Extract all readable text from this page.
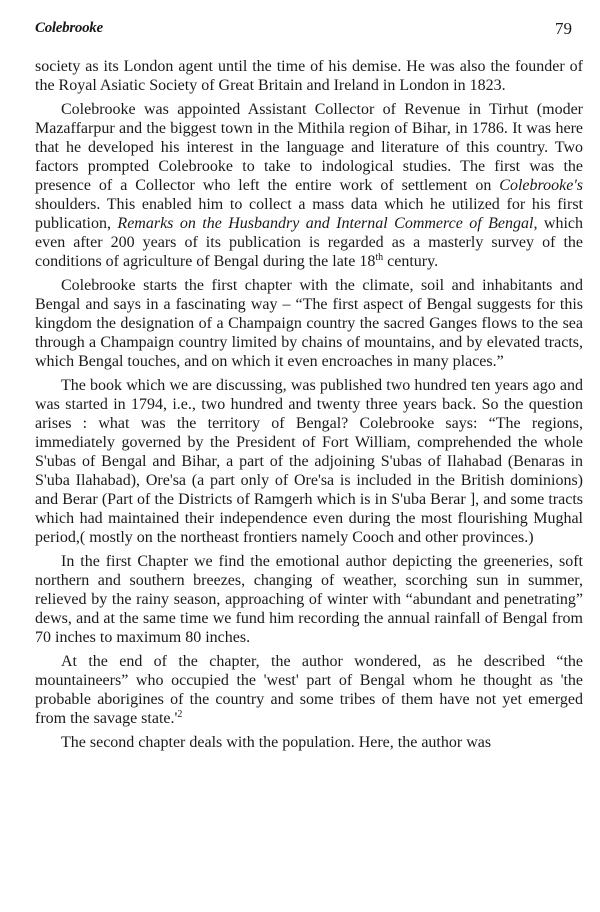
Colebrooke	79

society as its London agent until the time of his demise. He was also the founder of the Royal Asiatic Society of Great Britain and Ireland in London in 1823.

Colebrooke was appointed Assistant Collector of Revenue in Tirhut (moder Mazaffarpur and the biggest town in the Mithila region of Bihar, in 1786. It was here that he developed his interest in the language and literature of this country. Two factors prompted Colebrooke to take to indological studies. The first was the presence of a Collector who left the entire work of settlement on Colebrooke's shoulders. This enabled him to collect a mass data which he utilized for his first publication, Remarks on the Husbandry and Internal Commerce of Bengal, which even after 200 years of its publication is regarded as a masterly survey of the conditions of agriculture of Bengal during the late 18th century.

Colebrooke starts the first chapter with the climate, soil and inhabitants and Bengal and says in a fascinating way – “The first aspect of Bengal suggests for this kingdom the designation of a Champaign country the sacred Ganges flows to the sea through a Champaign country limited by chains of mountains, and by elevated tracts, which Bengal touches, and on which it even encroaches in many places.”

The book which we are discussing, was published two hundred ten years ago and was started in 1794, i.e., two hundred and twenty three years back. So the question arises : what was the territory of Bengal? Colebrooke says: “The regions, immediately governed by the President of Fort William, comprehended the whole S'ubas of Bengal and Bihar, a part of the adjoining S'ubas of Ilahabad (Benaras in S'uba Ilahabad), Ore'sa (a part only of Ore'sa is included in the British dominions) and Berar (Part of the Districts of Ramgerh which is in S'uba Berar ], and some tracts which had maintained their independence even during the most flourishing Mughal period,( mostly on the northeast frontiers namely Cooch and other provinces.)

In the first Chapter we find the emotional author depicting the greeneries, soft northern and southern breezes, changing of weather, scorching sun in summer, relieved by the rainy season, approaching of winter with “abundant and penetrating” dews, and at the same time we fund him recording the annual rainfall of Bengal from 70 inches to maximum 80 inches.

At the end of the chapter, the author wondered, as he described “the mountaineers” who occupied the 'west' part of Bengal whom he thought as 'the probable aborigines of the country and some tribes of them have not yet emerged from the savage $state.'^2$

The second chapter deals with the population. Here, the author was
